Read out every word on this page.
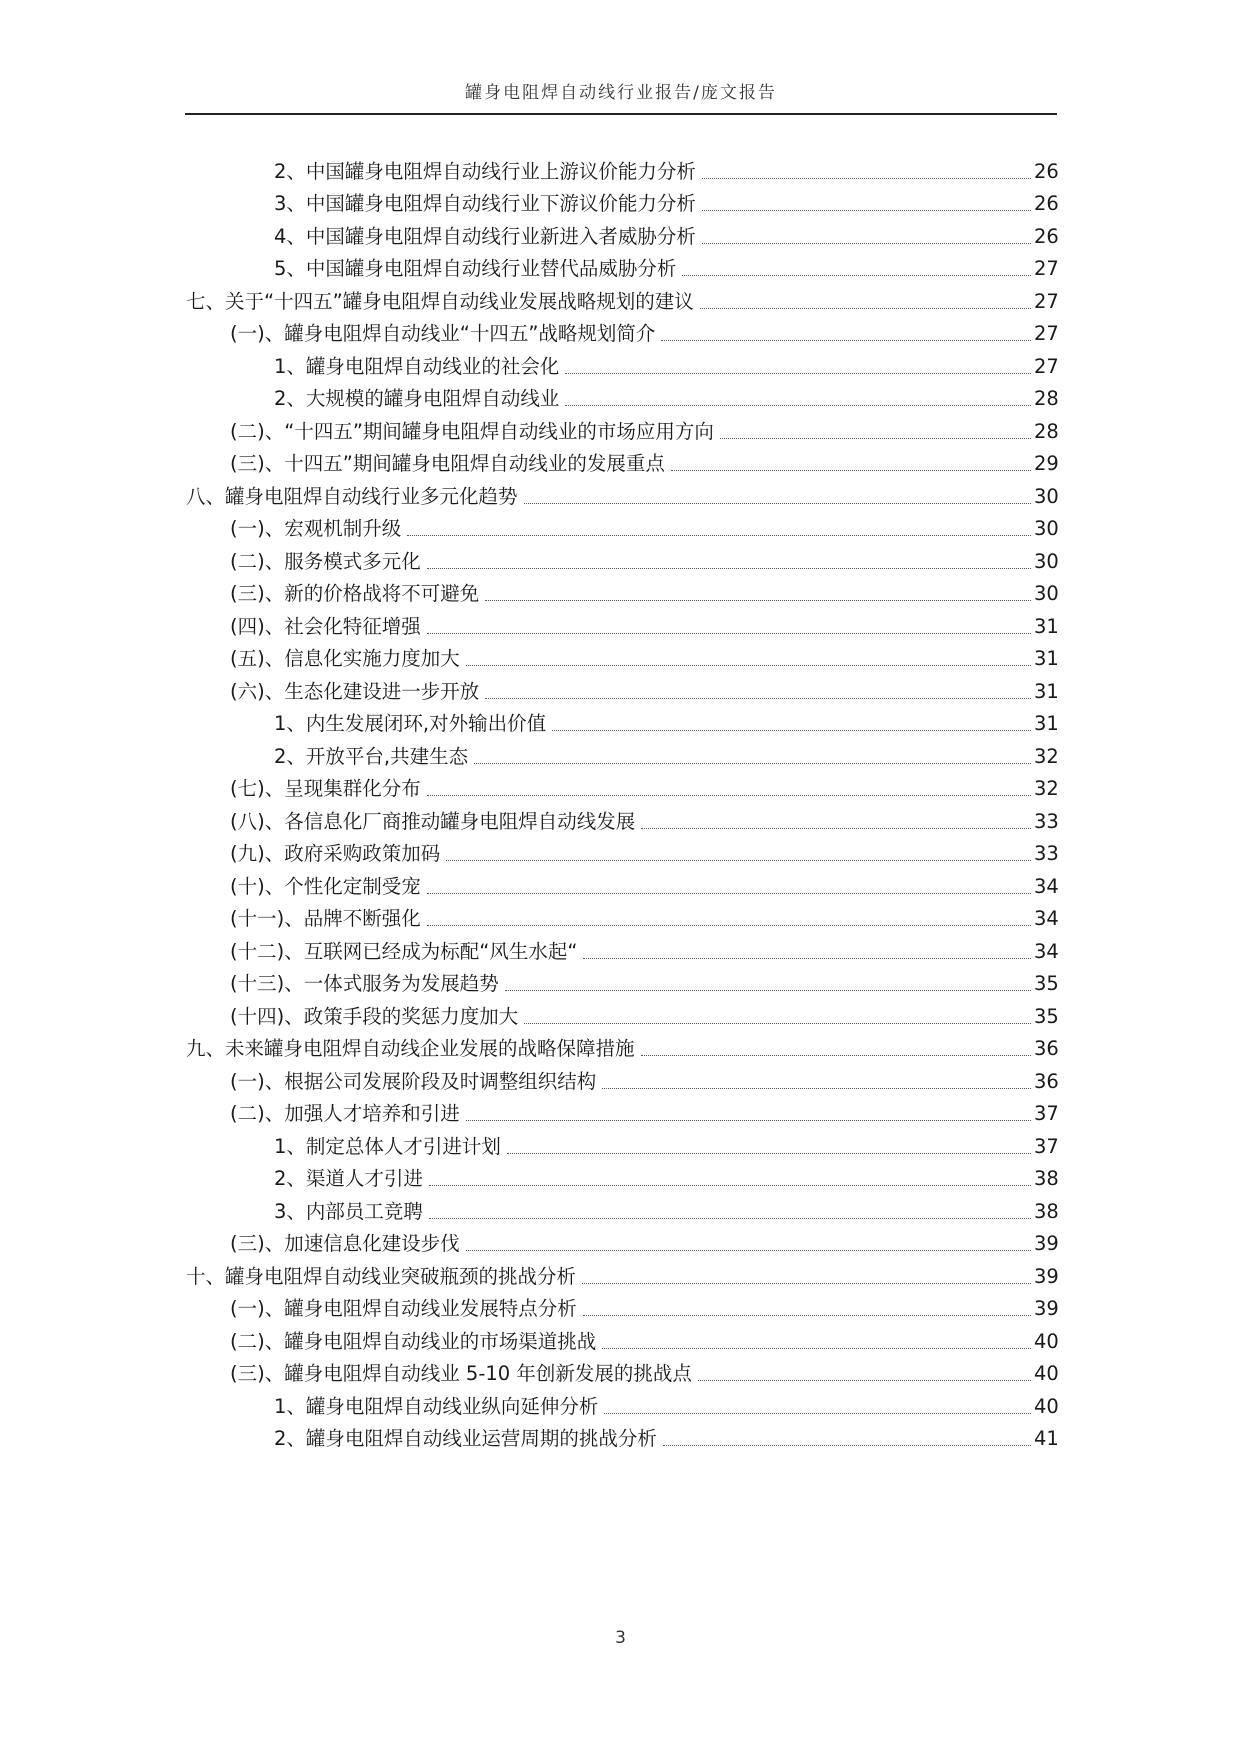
罐身电阻焊自动线行业报告/庞文报告
2、中国罐身电阻焊自动线行业上游议价能力分析	26
3、中国罐身电阻焊自动线行业下游议价能力分析	26
4、中国罐身电阻焊自动线行业新进入者威胁分析	26
5、中国罐身电阻焊自动线行业替代品威胁分析	27
七、关于“十四五”罐身电阻焊自动线业发展战略规划的建议	27
(一)、罐身电阻焊自动线业“十四五”战略规划简介	27
1、罐身电阻焊自动线业的社会化	27
2、大规模的罐身电阻焊自动线业	28
(二)、“十四五”期间罐身电阻焊自动线业的市场应用方向	28
(三)、十四五”期间罐身电阻焊自动线业的发展重点	29
八、罐身电阻焊自动线行业多元化趋势	30
(一)、宏观机制升级	30
(二)、服务模式多元化	30
(三)、新的价格战将不可避免	30
(四)、社会化特征增强	31
(五)、信息化实施力度加大	31
(六)、生态化建设进一步开放	31
1、内生发展闭环,对外输出价值	31
2、开放平台,共建生态	32
(七)、呈现集群化分布	32
(八)、各信息化厂商推动罐身电阻焊自动线发展	33
(九)、政府采购政策加码	33
(十)、个性化定制受宠	34
(十一)、品牌不断强化	34
(十二)、互联网已经成为标配“风生水起“	34
(十三)、一体式服务为发展趋势	35
(十四)、政策手段的奖惩力度加大	35
九、未来罐身电阻焊自动线企业发展的战略保障措施	36
(一)、根据公司发展阶段及时调整组织结构	36
(二)、加强人才培养和引进	37
1、制定总体人才引进计划	37
2、渠道人才引进	38
3、内部员工竞聘	38
(三)、加速信息化建设步伐	39
十、罐身电阻焊自动线业突破瓶颈的挑战分析	39
(一)、罐身电阻焊自动线业发展特点分析	39
(二)、罐身电阻焊自动线业的市场渠道挑战	40
(三)、罐身电阻焊自动线业 5-10 年创新发展的挑战点	40
1、罐身电阻焊自动线业纵向延伸分析	40
2、罐身电阻焊自动线业运营周期的挑战分析	41
3
